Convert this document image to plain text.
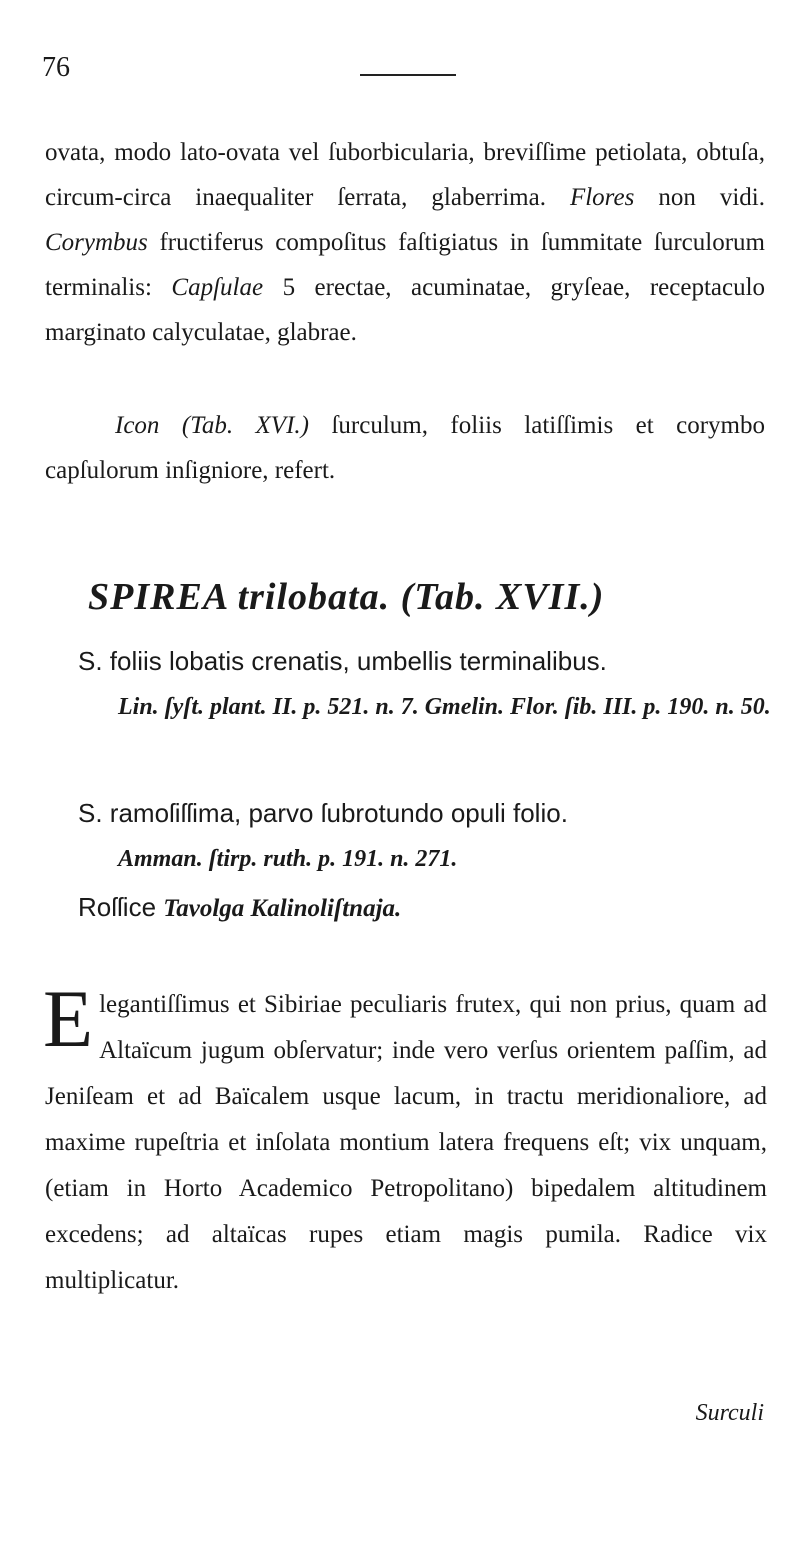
76

ovata, modo lato-ovata vel ſuborbicularia, breviſſime petiolata, obtuſa, circum-circa inaequaliter ſerrata, glaberrima. Flores non vidi. Corymbus fructiferus compoſitus faſtigiatus in ſummitate ſurculorum terminalis: Capſulae 5 erectae, acuminatae, gryſeae, receptaculo marginato calyculatae, glabrae.

Icon (Tab. XVI.) ſurculum, foliis latiſſimis et corymbo capſulorum inſigniore, refert.

SPIREA trilobata. (Tab. XVII.)

S. foliis lobatis crenatis, umbellis terminalibus.
Lin. ſyſt. plant. II. p. 521. n. 7. Gmelin. Flor. ſib. III. p. 190. n. 50.

S. ramoſiſſima, parvo ſubrotundo opuli folio.
Amman. ſtirp. ruth. p. 191. n. 271.

Roſſice Tavolga Kalinoliſtnaja.

E legantiſſimus et Sibiriae peculiaris frutex, qui non prius, quam ad Altaïcum jugum obſervatur; inde vero verſus orientem paſſim, ad Jeniſeam et ad Baïcalem usque lacum, in tractu meridionaliore, ad maxime rupeſtria et inſolata montium latera frequens eſt; vix unquam, (etiam in Horto Academico Petropolitano) bipedalem altitudinem excedens; ad altaïcas rupes etiam magis pumila. Radice vix multiplicatur.

Surculi
